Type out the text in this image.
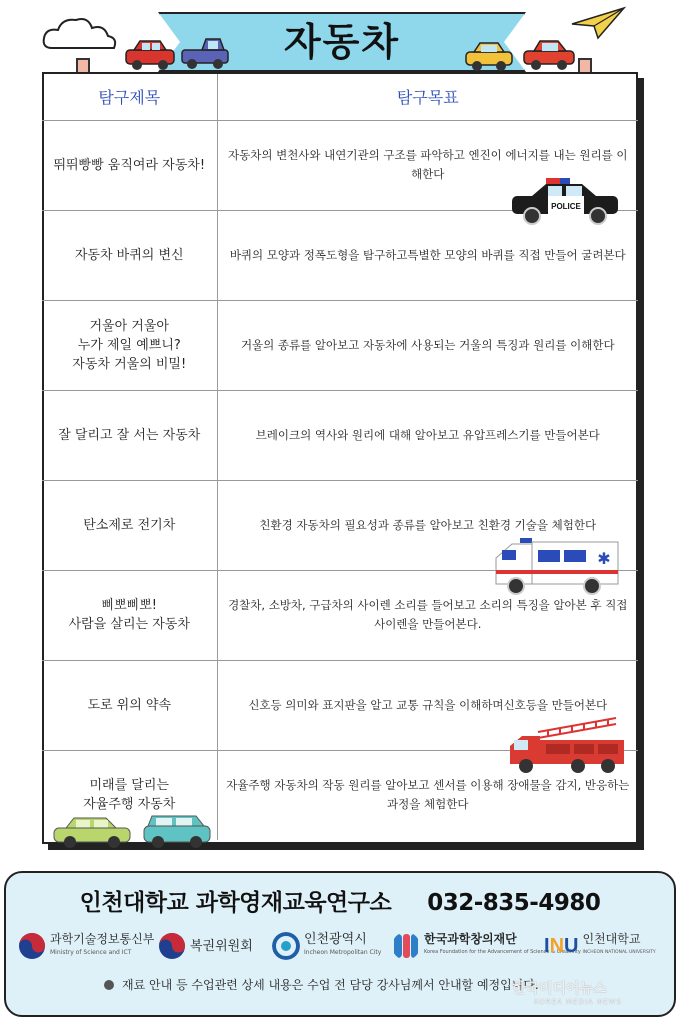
자동차
탐구제목	탐구목표
뛰뛰빵빵 움직여라 자동차!	자동차의 변천사와 내연기관의 구조를 파악하고 엔진이 에너지를 내는 원리를 이해한다
자동차 바퀴의 변신	바퀴의 모양과 정폭도형을 탐구하고특별한 모양의 바퀴를 직접 만들어 굴려본다
거울아 거울아
누가 제일 예쁘니?
자동차 거울의 비밀!	거울의 종류를 알아보고 자동차에 사용되는 거울의 특징과 원리를 이해한다
잘 달리고 잘 서는 자동차	브레이크의 역사와 원리에 대해 알아보고 유압프레스기를 만들어본다
탄소제로 전기차	친환경 자동차의 필요성과 종류를 알아보고 친환경 기술을 체험한다
삐뽀삐뽀!
사람을 살리는 자동차	경찰차, 소방차, 구급차의 사이렌 소리를 들어보고 소리의 특징을 알아본 후 직접 사이렌을 만들어본다.
도로 위의 약속	신호등 의미와 표지판을 알고 교통 규칙을 이해하며신호등을 만들어본다
미래를 달리는
자율주행 자동차	자율주행 자동차의 작동 원리를 알아보고 센서를 이용해 장애물을 감지, 반응하는 과정을 체험한다
POLICE
✱
인천대학교 과학영재교육연구소 032-835-4980
과학기술정보통신부
Ministry of Science and ICT	복권위원회	인천광역시
Incheon Metropolitan City
한국과학창의재단
Korea Foundation for the Advancement of Science & Creativity
INU 인천대학교
INCHEON NATIONAL UNIVERSITY
재료 안내 등 수업관련 상세 내용은 수업 전 담당 강사님께서 안내할 예정입니다.
한국미디어뉴스
KOREA MEDIA NEWS
